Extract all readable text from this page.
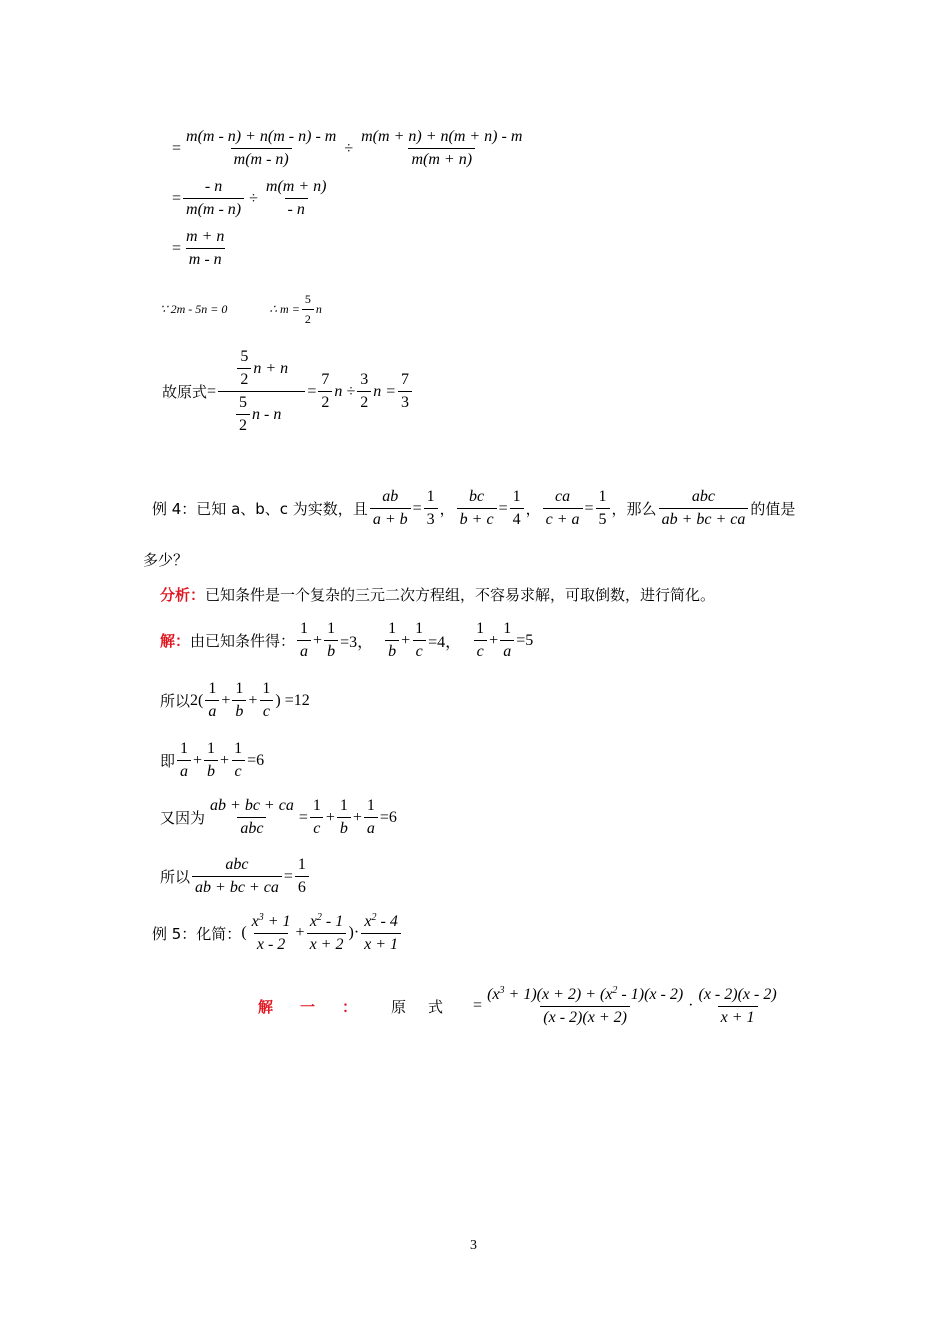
= $\frac{m(m - n) + n(m - n) - m}{m(m - n)} \div \frac{m(m + n) + n(m + n) - m}{m(m + n)}$
= $\frac{- n}{m(m - n)} \div \frac{m(m + n)}{- n}$
= $\frac{m + n}{m - n}$
∵ 2m - 5n = 0	∴ $m = \frac{5}{2}$ n
故原式 = $\frac{\frac{5}{2} n + n}{\frac{5}{2} n - n} = \frac{7}{2}$ $n \div \frac{3}{2}$ $n = \frac{7}{3}$
例 4：已知 a、b、c 为实数，且 $\frac{ab}{a + b} = \frac{1}{3}$ ， $\frac{bc}{b + c} = \frac{1}{4}$ ， $\frac{ca}{c + a} = \frac{1}{5}$ ，那么 $\frac{\text{abc}}{ab + bc + ca}$ 的值是
多少？
分析： 已知条件是一个复杂的三元二次方程组，不容易求解，可取倒数，进行简化。
解： 由已知条件得： $\frac{1}{a} + \frac{1}{b} =3$， $\frac{1}{b} + \frac{1}{c} =4$， $\frac{1}{c} + \frac{1}{a} =5$
所以 $2( \frac{1}{a} + \frac{1}{b} + \frac{1}{c}$ ) =12
即 $\frac{1}{a} + \frac{1}{b} + \frac{1}{c} =6$
又因为 $\frac{ab + bc + ca}{\text{abc}} = \frac{1}{c} + \frac{1}{b} + \frac{1}{a} =6$
所以 $\frac{\text{abc}}{ab + bc + ca} = \frac{1}{6}$
例 5：化简： ( $\frac{x^3 + 1}{x - 2} + \frac{x^2 - 1}{x + 2}$ ) · $\frac{x^2 - 4}{x + 1}$
解　一　： 原 式 = $\frac{(x^3 + 1)(x + 2) + (x^2 - 1)(x - 2)}{(x - 2)(x + 2)} \cdot \frac{(x - 2)(x - 2)}{x + 1}$
3
